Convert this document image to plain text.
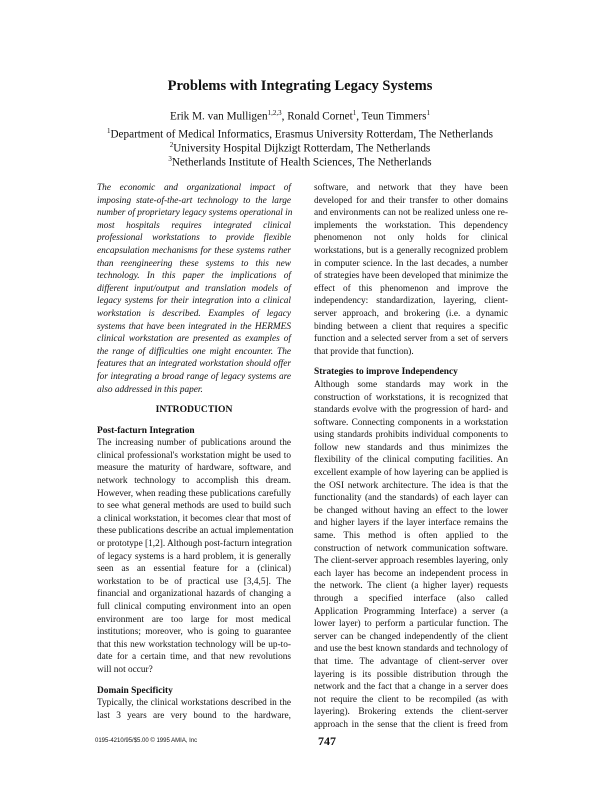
Problems with Integrating Legacy Systems
Erik M. van Mulligen$^{1,2,3}$, Ronald Cornet$^1$, Teun Timmers$^1$
$^1$Department of Medical Informatics, Erasmus University Rotterdam, The Netherlands
$^2$University Hospital Dijkzigt Rotterdam, The Netherlands
$^3$Netherlands Institute of Health Sciences, The Netherlands
The economic and organizational impact of
imposing state-of-the-art technology to the large
number of proprietary legacy systems operational in
most hospitals requires integrated clinical
professional workstations to provide flexible
encapsulation mechanisms for these systems rather
than reengineering these systems to this new
technology. In this paper the implications of
different input/output and translation models of
legacy systems for their integration into a clinical
workstation is described. Examples of legacy
systems that have been integrated in the HERMES
clinical workstation are presented as examples of
the range of difficulties one might encounter. The
features that an integrated workstation should offer
for integrating a broad range of legacy systems are
also addressed in this paper.
INTRODUCTION
Post-facturn Integration
The increasing number of publications around the
clinical professional's workstation might be used to
measure the maturity of hardware, software, and
network technology to accomplish this dream.
However, when reading these publications carefully
to see what general methods are used to build such
a clinical workstation, it becomes clear that most of
these publications describe an actual implementation
or prototype [1,2]. Although post-facturn integration
of legacy systems is a hard problem, it is generally
seen as an essential feature for a (clinical)
workstation to be of practical use [3,4,5]. The
financial and organizational hazards of changing a
full clinical computing environment into an open
environment are too large for most medical
institutions; moreover, who is going to guarantee
that this new workstation technology will be up-to-
date for a certain time, and that new revolutions
will not occur?
Domain Specificity
Typically, the clinical workstations described in the
last 3 years are very bound to the hardware,
software, and network that they have been
developed for and their transfer to other domains
and environments can not be realized unless one re-
implements the workstation. This dependency
phenomenon not only holds for clinical
workstations, but is a generally recognized problem
in computer science. In the last decades, a number
of strategies have been developed that minimize the
effect of this phenomenon and improve the
independency: standardization, layering, client-
server approach, and brokering (i.e. a dynamic
binding between a client that requires a specific
function and a selected server from a set of servers
that provide that function).
Strategies to improve Independency
Although some standards may work in the
construction of workstations, it is recognized that
standards evolve with the progression of hard- and
software. Connecting components in a workstation
using standards prohibits individual components to
follow new standards and thus minimizes the
flexibility of the clinical computing facilities. An
excellent example of how layering can be applied is
the OSI network architecture. The idea is that the
functionality (and the standards) of each layer can
be changed without having an effect to the lower
and higher layers if the layer interface remains the
same. This method is often applied to the
construction of network communication software.
The client-server approach resembles layering, only
each layer has become an independent process in
the network. The client (a higher layer) requests
through a specified interface (also called
Application Programming Interface) a server (a
lower layer) to perform a particular function. The
server can be changed independently of the client
and use the best known standards and technology of
that time. The advantage of client-server over
layering is its possible distribution through the
network and the fact that a change in a server does
not require the client to be recompiled (as with
layering). Brokering extends the client-server
approach in the sense that the client is freed from
0195-4210/95/$5.00 © 1995 AMIA, Inc	747
